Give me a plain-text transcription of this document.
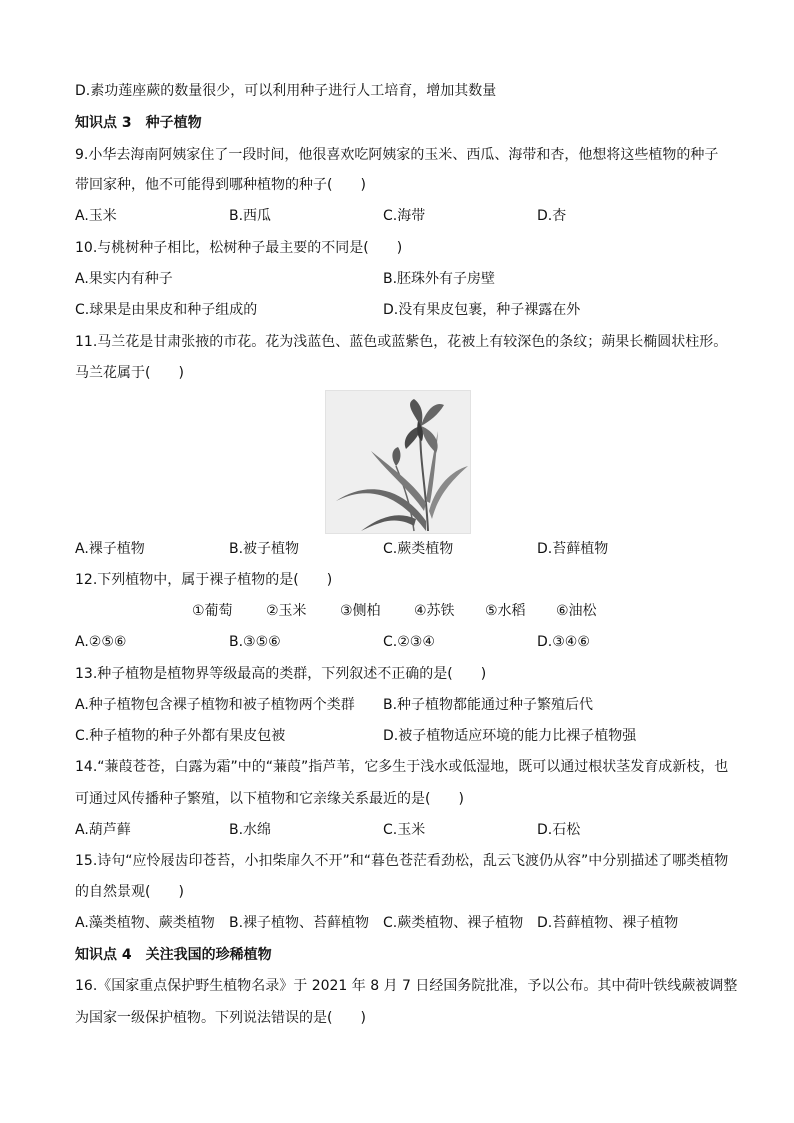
D.素功莲座蕨的数量很少，可以利用种子进行人工培育，增加其数量
知识点 3　种子植物
9.小华去海南阿姨家住了一段时间，他很喜欢吃阿姨家的玉米、西瓜、海带和杏，他想将这些植物的种子
带回家种，他不可能得到哪种植物的种子(　　)
A.玉米	B.西瓜	C.海带	D.杏
10.与桃树种子相比，松树种子最主要的不同是(　　)
A.果实内有种子	B.胚珠外有子房壁
C.球果是由果皮和种子组成的	D.没有果皮包裹，种子裸露在外
11.马兰花是甘肃张掖的市花。花为浅蓝色、蓝色或蓝紫色，花被上有较深色的条纹；蒴果长椭圆状柱形。
马兰花属于(　　)
A.裸子植物	B.被子植物	C.蕨类植物	D.苔藓植物
12.下列植物中，属于裸子植物的是(　　)
①葡萄 ②玉米 ③侧柏 ④苏铁 ⑤水稻 ⑥油松
A.②⑤⑥	B.③⑤⑥	C.②③④	D.③④⑥
13.种子植物是植物界等级最高的类群，下列叙述不正确的是(　　)
A.种子植物包含裸子植物和被子植物两个类群 B.种子植物都能通过种子繁殖后代
C.种子植物的种子外都有果皮包被	D.被子植物适应环境的能力比裸子植物强
14.“蒹葭苍苍，白露为霜”中的“蒹葭”指芦苇，它多生于浅水或低湿地，既可以通过根状茎发育成新枝，也
可通过风传播种子繁殖，以下植物和它亲缘关系最近的是(　　)
A.葫芦藓	B.水绵	C.玉米	D.石松
15.诗句“应怜屐齿印苍苔，小扣柴扉久不开”和“暮色苍茫看劲松，乱云飞渡仍从容”中分别描述了哪类植物
的自然景观(　　)
A.藻类植物、蕨类植物 B.裸子植物、苔藓植物 C.蕨类植物、裸子植物 D.苔藓植物、裸子植物
知识点 4　关注我国的珍稀植物
16.《国家重点保护野生植物名录》于 2021 年 8 月 7 日经国务院批准，予以公布。其中荷叶铁线蕨被调整
为国家一级保护植物。下列说法错误的是(　　)
